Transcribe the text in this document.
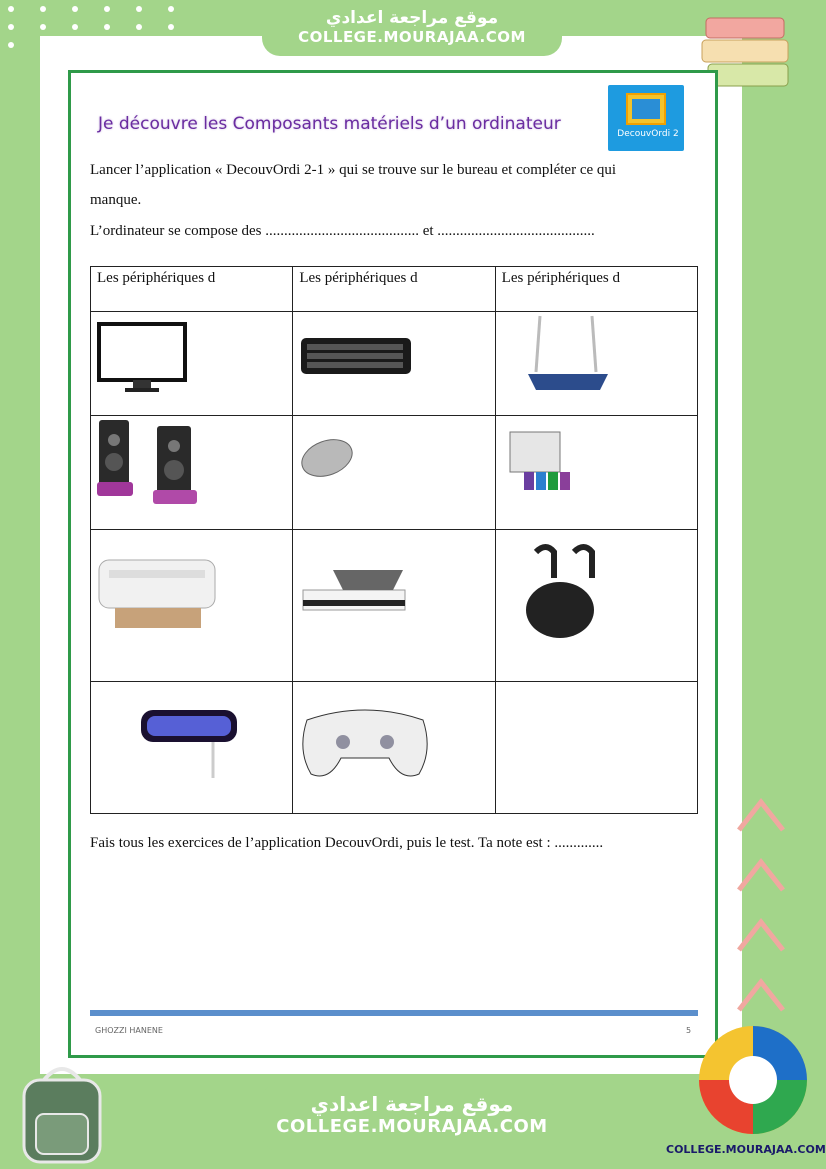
موقع مراجعة اعدادي
COLLEGE.MOURAJAA.COM
Je découvre les Composants matériels d’un ordinateur	DecouvOrdi 2
Lancer l’application « DecouvOrdi 2-1 » qui se trouve sur le bureau et compléter ce qui
manque.
L’ordinateur se compose des ......................................... et ..........................................
Les périphériques d	Les périphériques d	Les périphériques d

Fais tous les exercices de l’application DecouvOrdi, puis le test. Ta note est : .............
GHOZZI HANENE	5
موقع مراجعة اعدادي
COLLEGE.MOURAJAA.COM
COLLEGE.MOURAJAA.COM
